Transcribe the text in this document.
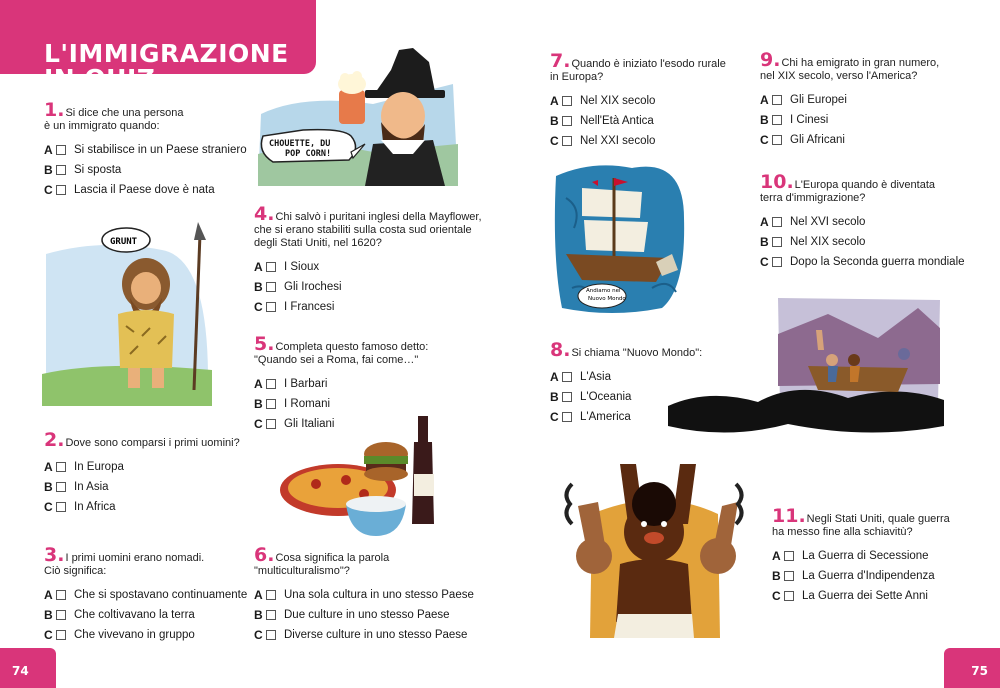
L'IMMIGRAZIONE IN QUIZ
CHOUETTE, DU
POP CORN!
GRUNT
Andiamo nel
Nuovo Mondo
74	75
1.Si dice che una persona
è un immigrato quando:
A Si stabilisce in un Paese straniero
B Si sposta
C Lascia il Paese dove è nata
2.Dove sono comparsi i primi uomini?
A In Europa
B In Asia
C In Africa
3.I primi uomini erano nomadi.
Ciò significa:
A Che si spostavano continuamente
B Che coltivavano la terra
C Che vivevano in gruppo
4.Chi salvò i puritani inglesi della Mayflower,
che si erano stabiliti sulla costa sud orientale
degli Stati Uniti, nel 1620?
A I Sioux
B Gli Irochesi
C I Francesi
5.Completa questo famoso detto:
"Quando sei a Roma, fai come…"
A I Barbari
B I Romani
C Gli Italiani
6.Cosa significa la parola
"multiculturalismo"?
A Una sola cultura in uno stesso Paese
B Due culture in uno stesso Paese
C Diverse culture in uno stesso Paese
7.Quando è iniziato l'esodo rurale
in Europa?
A Nel XIX secolo
B Nell'Età Antica
C Nel XXI secolo
8.Si chiama "Nuovo Mondo":
A L'Asia
B L'Oceania
C L'America
9.Chi ha emigrato in gran numero,
nel XIX secolo, verso l'America?
A Gli Europei
B I Cinesi
C Gli Africani
10.L'Europa quando è diventata
terra d'immigrazione?
A Nel XVI secolo
B Nel XIX secolo
C Dopo la Seconda guerra mondiale
11.Negli Stati Uniti, quale guerra
ha messo fine alla schiavitù?
A La Guerra di Secessione
B La Guerra d'Indipendenza
C La Guerra dei Sette Anni
